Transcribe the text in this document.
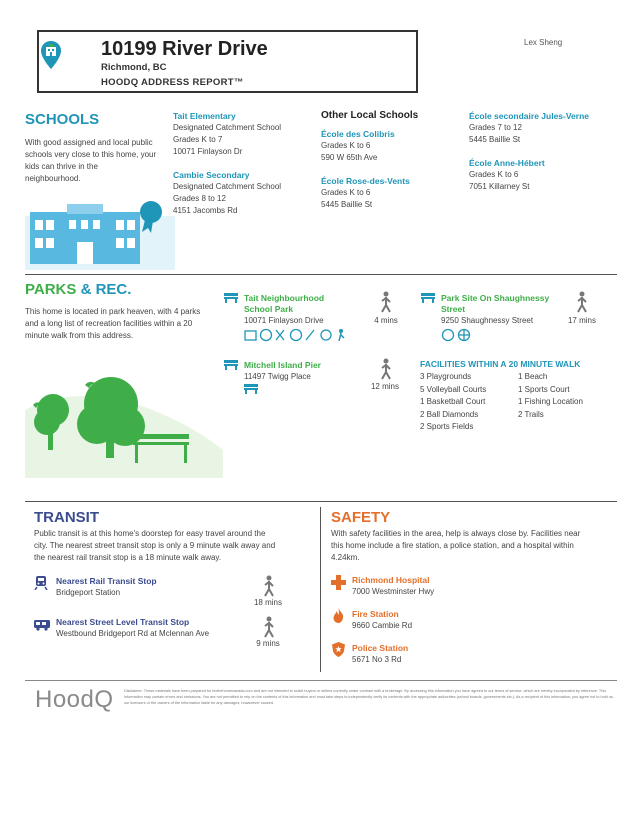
10199 River Drive
Richmond, BC
HOODQ ADDRESS REPORT™
Lex Sheng
SCHOOLS
With good assigned and local public
schools very close to this home, your
kids can thrive in the
neighbourhood.
Tait Elementary
Designated Catchment School
Grades K to 7
10071 Finlayson Dr
Cambie Secondary
Designated Catchment School
Grades 8 to 12
4151 Jacombs Rd
Other Local Schools
École des Colibris
Grades K to 6
590 W 65th Ave
École Rose-des-Vents
Grades K to 6
5445 Baillie St
École secondaire Jules-Verne
Grades 7 to 12
5445 Baillie St
École Anne-Hébert
Grades K to 6
7051 Killarney St
PARKS & REC.
This home is located in park heaven, with 4 parks
and a long list of recreation facilities within a 20
minute walk from this address.
Tait Neighbourhood
School Park
10071 Finlayson Drive	4 mins
Park Site On Shaughnessy
Street
9250 Shaughnessy Street	17 mins
Mitchell Island Pier
11497 Twigg Place
12 mins
FACILITIES WITHIN A 20 MINUTE WALK
3 Playgrounds
5 Volleyball Courts
1 Basketball Court
2 Ball Diamonds
2 Sports Fields
1 Beach
1 Sports Court
1 Fishing Location
2 Trails
TRANSIT
Public transit is at this home's doorstep for easy travel around the
city. The nearest street transit stop is only a 9 minute walk away and
the nearest rail transit stop is a 18 minute walk away.
Nearest Rail Transit Stop
Bridgeport Station
18 mins
Nearest Street Level Transit Stop
Westbound Bridgeport Rd at Mclennan Ave
9 mins
SAFETY
With safety facilities in the area, help is always close by. Facilities near
this home include a fire station, a police station, and a hospital within
4.24km.
Richmond Hospital
7000 Westminster Hwy
Fire Station
9660 Cambie Rd
Police Station
5671 No 3 Rd
HoodQ	Disclaimer: These materials have been prepared for lexthehomecanada.com and are not intended to solicit buyers or sellers currently under contract with a brokerage. By accessing this information you have agreed to our terms of service, which are hereby incorporated by reference. This information may contain errors and omissions. You are not permitted to rely on the contents of this information and must take steps to independently verify its contents with the appropriate authorities (school boards, governments etc.). As a recipient of this information, you agree not to hold us, our licensors or the owners of the information liable for any damages, howsoever caused.
